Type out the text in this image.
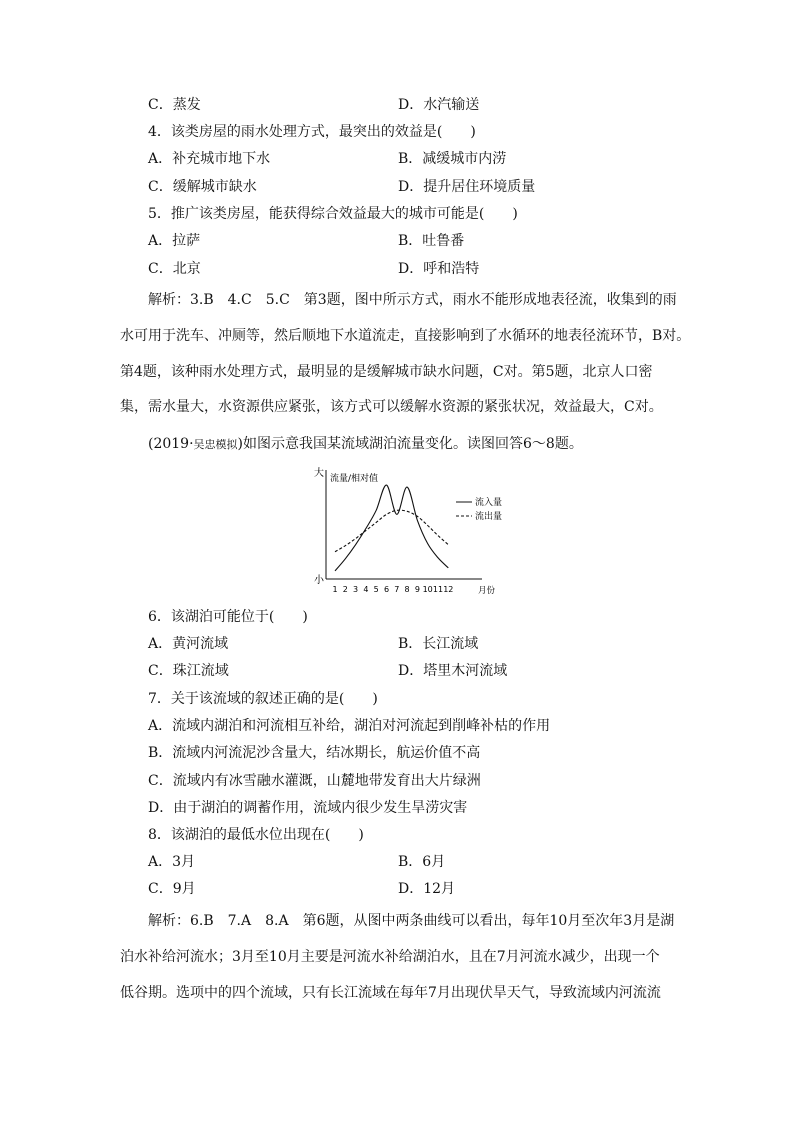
C．蒸发	D．水汽输送
4．该类房屋的雨水处理方式，最突出的效益是(　　)
A．补充城市地下水	B．减缓城市内涝
C．缓解城市缺水	D．提升居住环境质量
5．推广该类房屋，能获得综合效益最大的城市可能是(　　)
A．拉萨	B．吐鲁番
C．北京	D．呼和浩特
解析：3.B　4.C　5.C　第3题，图中所示方式，雨水不能形成地表径流，收集到的雨
水可用于洗车、冲厕等，然后顺地下水道流走，直接影响到了水循环的地表径流环节，B对。
第4题，该种雨水处理方式，最明显的是缓解城市缺水问题，C对。第5题，北京人口密
集，需水量大，水资源供应紧张，该方式可以缓解水资源的紧张状况，效益最大，C对。
(2019·吴忠模拟)如图示意我国某流域湖泊流量变化。读图回答6～8题。
大
小
流量/相对值
1 2 3 4 5 6 7 8 9 10 11 12	月份
流入量
流出量
6．该湖泊可能位于(　　)
A．黄河流域	B．长江流域
C．珠江流域	D．塔里木河流域
7．关于该流域的叙述正确的是(　　)
A．流域内湖泊和河流相互补给，湖泊对河流起到削峰补枯的作用
B．流域内河流泥沙含量大，结冰期长，航运价值不高
C．流域内有冰雪融水灌溉，山麓地带发育出大片绿洲
D．由于湖泊的调蓄作用，流域内很少发生旱涝灾害
8．该湖泊的最低水位出现在(　　)
A．3月	B．6月
C．9月	D．12月
解析：6.B　7.A　8.A　第6题，从图中两条曲线可以看出，每年10月至次年3月是湖
泊水补给河流水；3月至10月主要是河流水补给湖泊水，且在7月河流水减少，出现一个
低谷期。选项中的四个流域，只有长江流域在每年7月出现伏旱天气，导致流域内河流流
